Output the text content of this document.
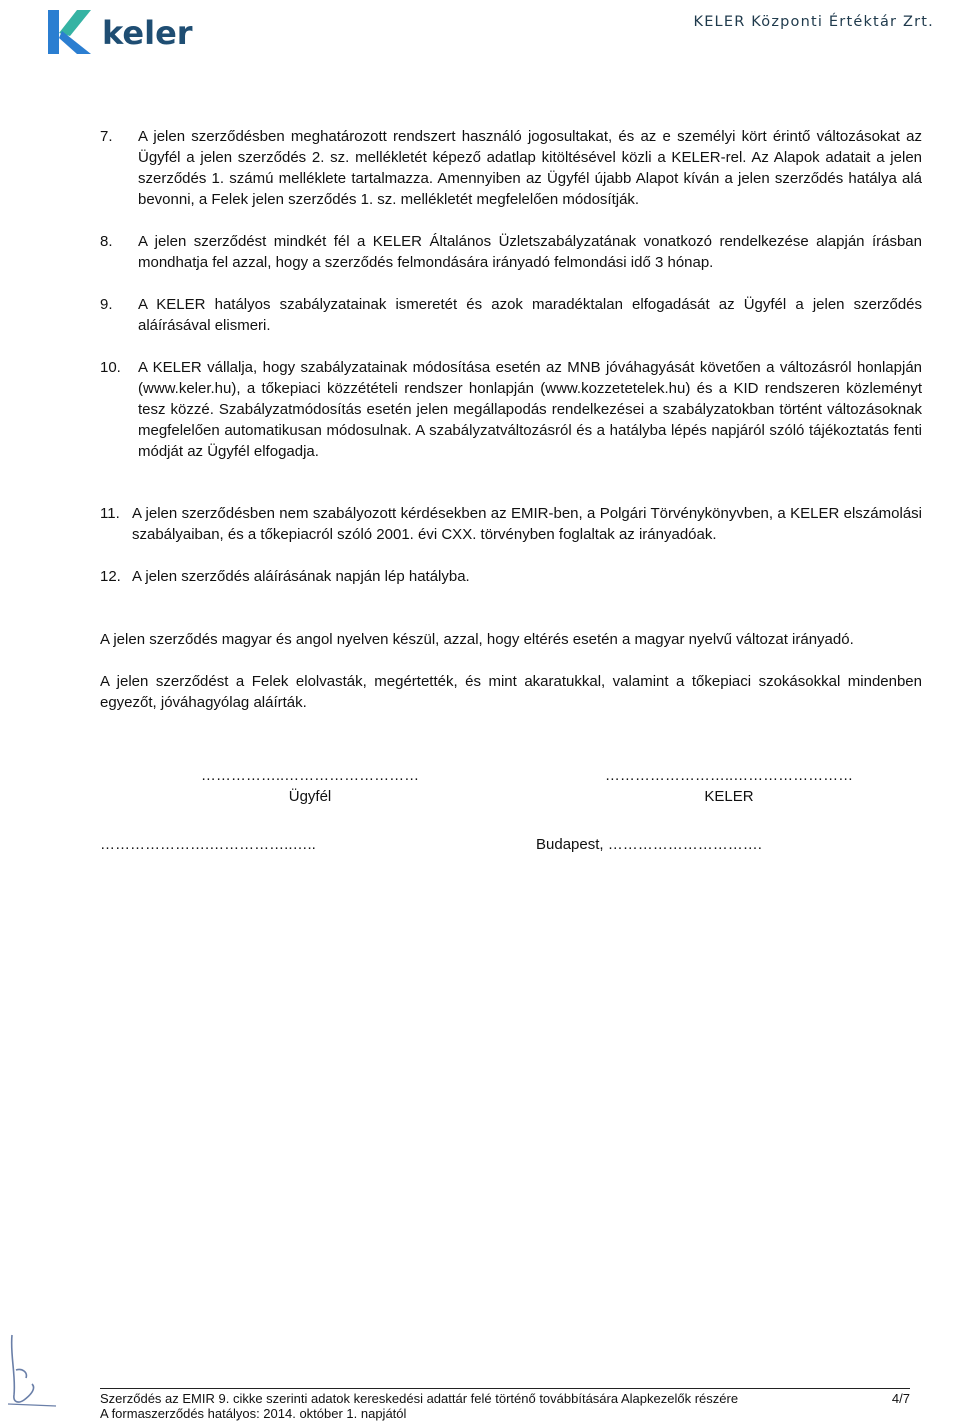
keler	KELER Központi Értéktár Zrt.
7.	A jelen szerződésben meghatározott rendszert használó jogosultakat, és az e személyi kört érintő változásokat az Ügyfél a jelen szerződés 2. sz. mellékletét képező adatlap kitöltésével közli a KELER-rel. Az Alapok adatait a jelen szerződés 1. számú melléklete tartalmazza. Amennyiben az Ügyfél újabb Alapot kíván a jelen szerződés hatálya alá bevonni, a Felek jelen szerződés 1. sz. mellékletét megfelelően módosítják.
8.	A jelen szerződést mindkét fél a KELER Általános Üzletszabályzatának vonatkozó rendelkezése alapján írásban mondhatja fel azzal, hogy a szerződés felmondására irányadó felmondási idő 3 hónap.
9.	A KELER hatályos szabályzatainak ismeretét és azok maradéktalan elfogadását az Ügyfél a jelen szerződés aláírásával elismeri.
10.	A KELER vállalja, hogy szabályzatainak módosítása esetén az MNB jóváhagyását követően a változásról honlapján (www.keler.hu), a tőkepiaci közzétételi rendszer honlapján (www.kozzetetelek.hu) és a KID rendszeren közleményt tesz közzé. Szabályzatmódosítás esetén jelen megállapodás rendelkezései a szabályzatokban történt változásoknak megfelelően automatikusan módosulnak. A szabályzatváltozásról és a hatályba lépés napjáról szóló tájékoztatás fenti módját az Ügyfél elfogadja.
11. A jelen szerződésben nem szabályozott kérdésekben az EMIR-ben, a Polgári Törvénykönyvben, a KELER elszámolási szabályaiban, és a tőkepiacról szóló 2001. évi CXX. törvényben foglaltak az irányadóak.
12. A jelen szerződés aláírásának napján lép hatályba.
A jelen szerződés magyar és angol nyelven készül, azzal, hogy eltérés esetén a magyar nyelvű változat irányadó.
A jelen szerződést a Felek elolvasták, megértették, és mint akaratukkal, valamint a tőkepiaci szokásokkal mindenben egyezőt, jóváhagyólag aláírták.
……………..………………………
Ügyfél
……………………..……………………
KELER
………………….……………..…..	Budapest, ………………………….
Szerződés az EMIR 9. cikke szerinti adatok kereskedési adattár felé történő továbbítására Alapkezelők részére	4/7
A formaszerződés hatályos: 2014. október 1. napjától
